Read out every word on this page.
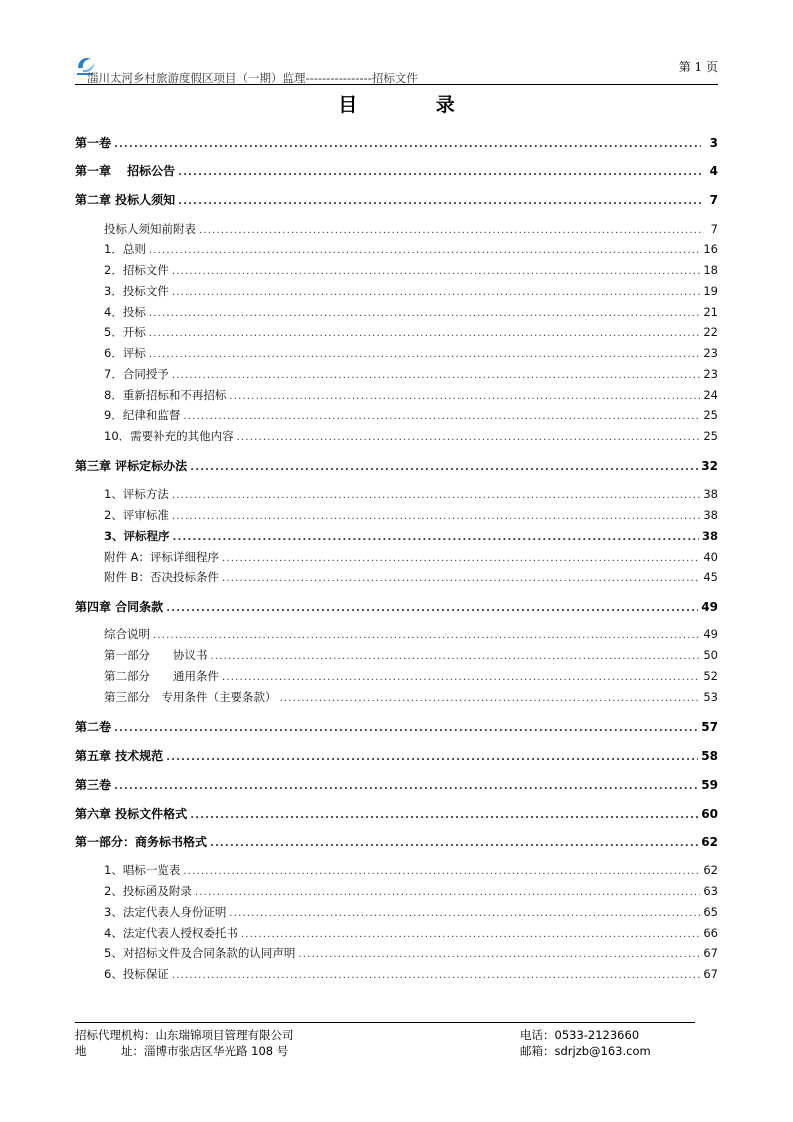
淄川太河乡村旅游度假区项目（一期）监理----------------招标文件
第 1 页
目 录
第一卷 .....	3
第一章　 招标公告 .....	4
第二章 投标人须知 .....	7
投标人须知前附表 .....	7
1．总则 .....	16
2．招标文件 .....	18
3．投标文件 .....	19
4．投标 .....	21
5．开标 .....	22
6．评标 .....	23
7．合同授予 .....	23
8．重新招标和不再招标 .....	24
9．纪律和监督 .....	25
10．需要补充的其他内容 .....	25
第三章 评标定标办法 .....	32
1、评标方法 .....	38
2、评审标准 .....	38
3、评标程序 .....	38
附件 A：评标详细程序 .....	40
附件 B：否决投标条件 .....	45
第四章 合同条款 .....	49
综合说明 .....	49
第一部分　　协议书 .....	50
第二部分　　通用条件 .....	52
第三部分　专用条件（主要条款） .....	53
第二卷 .....	57
第五章 技术规范 .....	58
第三卷 .....	59
第六章 投标文件格式 .....	60
第一部分：商务标书格式 .....	62
1、唱标一览表 .....	62
2、投标函及附录 .....	63
3、法定代表人身份证明 .....	65
4、法定代表人授权委托书 .....	66
5、对招标文件及合同条款的认同声明 .....	67
6、投标保证 .....	67
招标代理机构：山东瑞锦项目管理有限公司	电话：0533-2123660
地　　　址：淄博市张店区华光路 108 号	邮箱：sdrjzb@163.com
